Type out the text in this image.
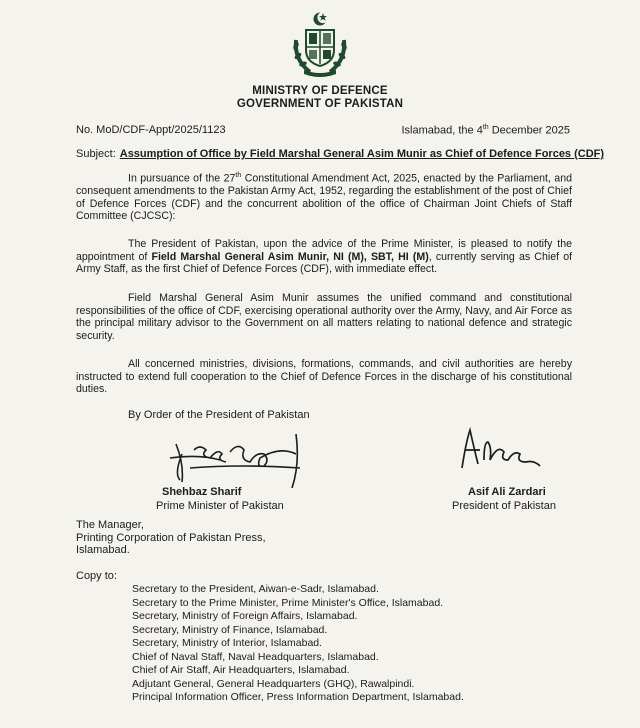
MINISTRY OF DEFENCE
GOVERNMENT OF PAKISTAN
No. MoD/CDF-Appt/2025/1123	Islamabad, the 4th December 2025
Subject: Assumption of Office by Field Marshal General Asim Munir as Chief of Defence Forces (CDF)
In pursuance of the 27th Constitutional Amendment Act, 2025, enacted by the Parliament, and consequent amendments to the Pakistan Army Act, 1952, regarding the establishment of the post of Chief of Defence Forces (CDF) and the concurrent abolition of the office of Chairman Joint Chiefs of Staff Committee (CJCSC):
The President of Pakistan, upon the advice of the Prime Minister, is pleased to notify the appointment of Field Marshal General Asim Munir, NI (M), SBT, HI (M), currently serving as Chief of Army Staff, as the first Chief of Defence Forces (CDF), with immediate effect.
Field Marshal General Asim Munir assumes the unified command and constitutional responsibilities of the office of CDF, exercising operational authority over the Army, Navy, and Air Force as the principal military advisor to the Government on all matters relating to national defence and strategic security.
All concerned ministries, divisions, formations, commands, and civil authorities are hereby instructed to extend full cooperation to the Chief of Defence Forces in the discharge of his constitutional duties.
By Order of the President of Pakistan
Shehbaz Sharif
Prime Minister of Pakistan
Asif Ali Zardari
President of Pakistan
The Manager,
Printing Corporation of Pakistan Press,
Islamabad.
Copy to:
Secretary to the President, Aiwan-e-Sadr, Islamabad.
Secretary to the Prime Minister, Prime Minister's Office, Islamabad.
Secretary, Ministry of Foreign Affairs, Islamabad.
Secretary, Ministry of Finance, Islamabad.
Secretary, Ministry of Interior, Islamabad.
Chief of Naval Staff, Naval Headquarters, Islamabad.
Chief of Air Staff, Air Headquarters, Islamabad.
Adjutant General, General Headquarters (GHQ), Rawalpindi.
Principal Information Officer, Press Information Department, Islamabad.
